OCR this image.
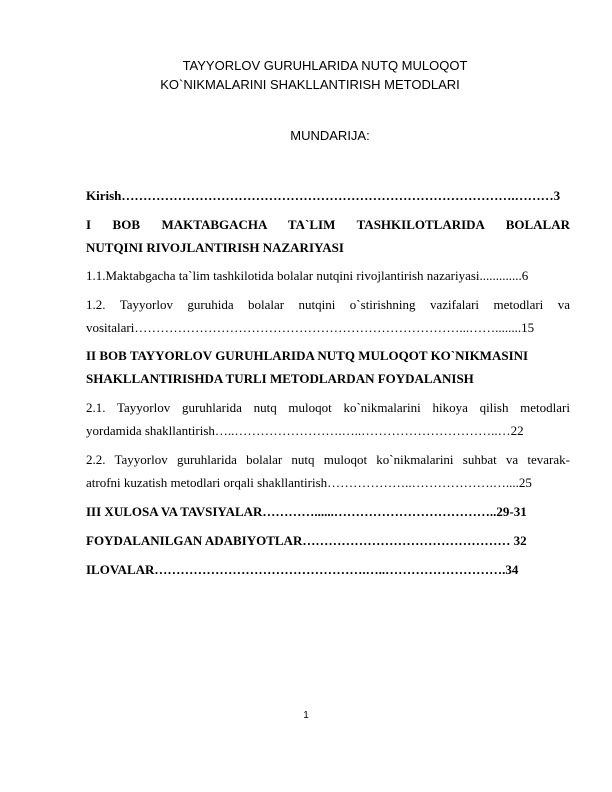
TAYYORLOV GURUHLARIDA NUTQ MULOQOT
KO`NIKMALARINI SHAKLLANTIRISH METODLARI
MUNDARIJA:
Kirish……………………………………………………………………………….………3
I BOB MAKTABGACHA TA`LIM TASHKILOTLARIDA BOLALAR
NUTQINI RIVOJLANTIRISH NAZARIYASI
1.1.Maktabgacha ta`lim tashkilotida bolalar nutqini rivojlantirish nazariyasi.............6
1.2. Tayyorlov guruhida bolalar nutqini o`stirishning vazifalari metodlari va
vositalari…………………………………………………………………...……........15
II BOB TAYYORLOV GURUHLARIDA NUTQ MULOQOT KO`NIKMASINI
SHAKLLANTIRISHDA TURLI METODLARDAN FOYDALANISH
2.1. Tayyorlov guruhlarida nutq muloqot ko`nikmalarini hikoya qilish metodlari
yordamida shakllantirish…..…………………….…..…………………………..…22
2.2. Tayyorlov guruhlarida bolalar nutq muloqot ko`nikmalarini suhbat va tevarak-
atrofni kuzatish metodlari orqali shakllantirish………………..……………….…....25
III XULOSA VA TAVSIYALAR…………......………………………………..29-31
FOYDALANILGAN ADABIYOTLAR………………………………………… 32
ILOVALAR………………………………………….…..……………………….34
1
